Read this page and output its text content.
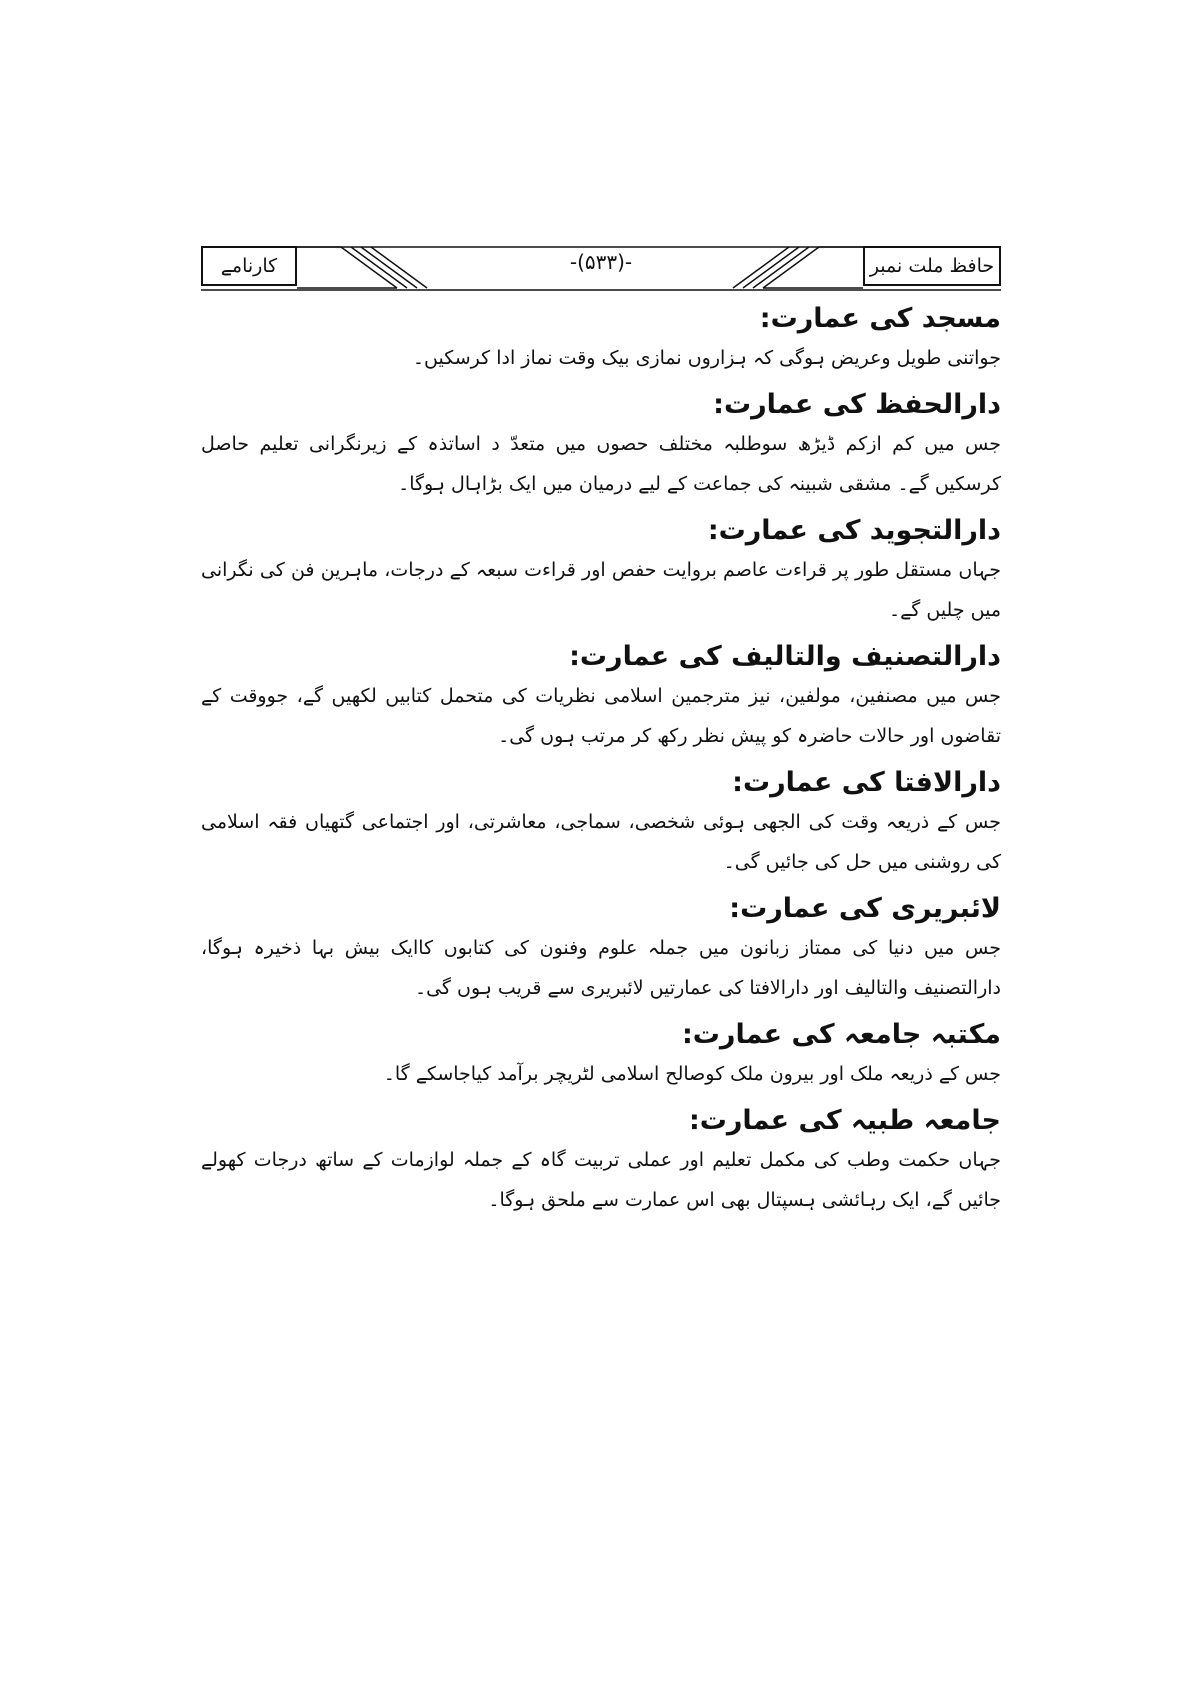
کارنامے	-(۵۳۳)-	حافظ ملت نمبر
مسجد کی عمارت:

جواتنی طویل وعریض ہوگی کہ ہزاروں نمازی بیک وقت نماز ادا کرسکیں۔

دارالحفظ کی عمارت:

جس میں کم ازکم ڈیڑھ سوطلبہ مختلف حصوں میں متعدّ د اساتذہ کے زیرنگرانی تعلیم حاصل کرسکیں گے۔ مشقی شبینہ کی جماعت کے لیے درمیان میں ایک بڑاہال ہوگا۔

دارالتجوید کی عمارت:

جہاں مستقل طور پر قراءت عاصم بروایت حفص اور قراءت سبعہ کے درجات، ماہرین فن کی نگرانی میں چلیں گے۔

دارالتصنیف والتالیف کی عمارت:

جس میں مصنفین، مولفین، نیز مترجمین اسلامی نظریات کی متحمل کتابیں لکھیں گے، جووقت کے تقاضوں اور حالات حاضرہ کو پیش نظر رکھ کر مرتب ہوں گی۔

دارالافتا کی عمارت:

جس کے ذریعہ وقت کی الجھی ہوئی شخصی، سماجی، معاشرتی، اور اجتماعی گتھیاں فقہ اسلامی کی روشنی میں حل کی جائیں گی۔

لائبریری کی عمارت:

جس میں دنیا کی ممتاز زبانون میں جملہ علوم وفنون کی کتابوں کاایک بیش بہا ذخیرہ ہوگا، دارالتصنیف والتالیف اور دارالافتا کی عمارتیں لائبریری سے قریب ہوں گی۔

مکتبہ جامعہ کی عمارت:

جس کے ذریعہ ملک اور بیرون ملک کوصالح اسلامی لٹریچر برآمد کیاجاسکے گا۔

جامعہ طبیہ کی عمارت:

جہاں حکمت وطب کی مکمل تعلیم اور عملی تربیت گاہ کے جملہ لوازمات کے ساتھ درجات کھولے جائیں گے، ایک رہائشی ہسپتال بھی اس عمارت سے ملحق ہوگا۔
